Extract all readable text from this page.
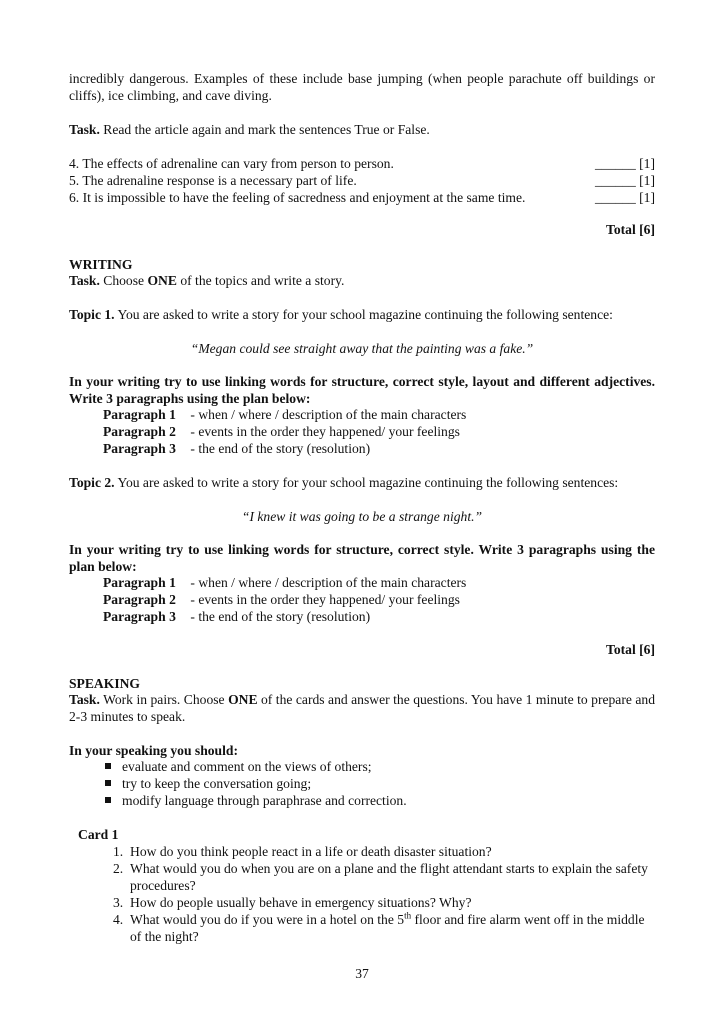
incredibly dangerous. Examples of these include base jumping (when people parachute off buildings or cliffs), ice climbing, and cave diving.
Task. Read the article again and mark the sentences True or False.
4. The effects of adrenaline can vary from person to person.	______ [1]
5. The adrenaline response is a necessary part of life.	______ [1]
6. It is impossible to have the feeling of sacredness and enjoyment at the same time.	______ [1]
Total [6]
WRITING
Task. Choose ONE of the topics and write a story.
Topic 1. You are asked to write a story for your school magazine continuing the following sentence:
“Megan could see straight away that the painting was a fake.”
In your writing try to use linking words for structure, correct style, layout and different adjectives. Write 3 paragraphs using the plan below:
Paragraph 1 - when / where / description of the main characters
Paragraph 2 - events in the order they happened/ your feelings
Paragraph 3 - the end of the story (resolution)
Topic 2. You are asked to write a story for your school magazine continuing the following sentences:
“I knew it was going to be a strange night.”
In your writing try to use linking words for structure, correct style. Write 3 paragraphs using the plan below:
Paragraph 1 - when / where / description of the main characters
Paragraph 2 - events in the order they happened/ your feelings
Paragraph 3 - the end of the story (resolution)
Total [6]
SPEAKING
Task. Work in pairs. Choose ONE of the cards and answer the questions. You have 1 minute to prepare and 2-3 minutes to speak.
In your speaking you should:
evaluate and comment on the views of others;
try to keep the conversation going;
modify language through paraphrase and correction.
Card 1
1. How do you think people react in a life or death disaster situation?
2. What would you do when you are on a plane and the flight attendant starts to explain the safety procedures?
3. How do people usually behave in emergency situations? Why?
4. What would you do if you were in a hotel on the 5th floor and fire alarm went off in the middle of the night?
37
